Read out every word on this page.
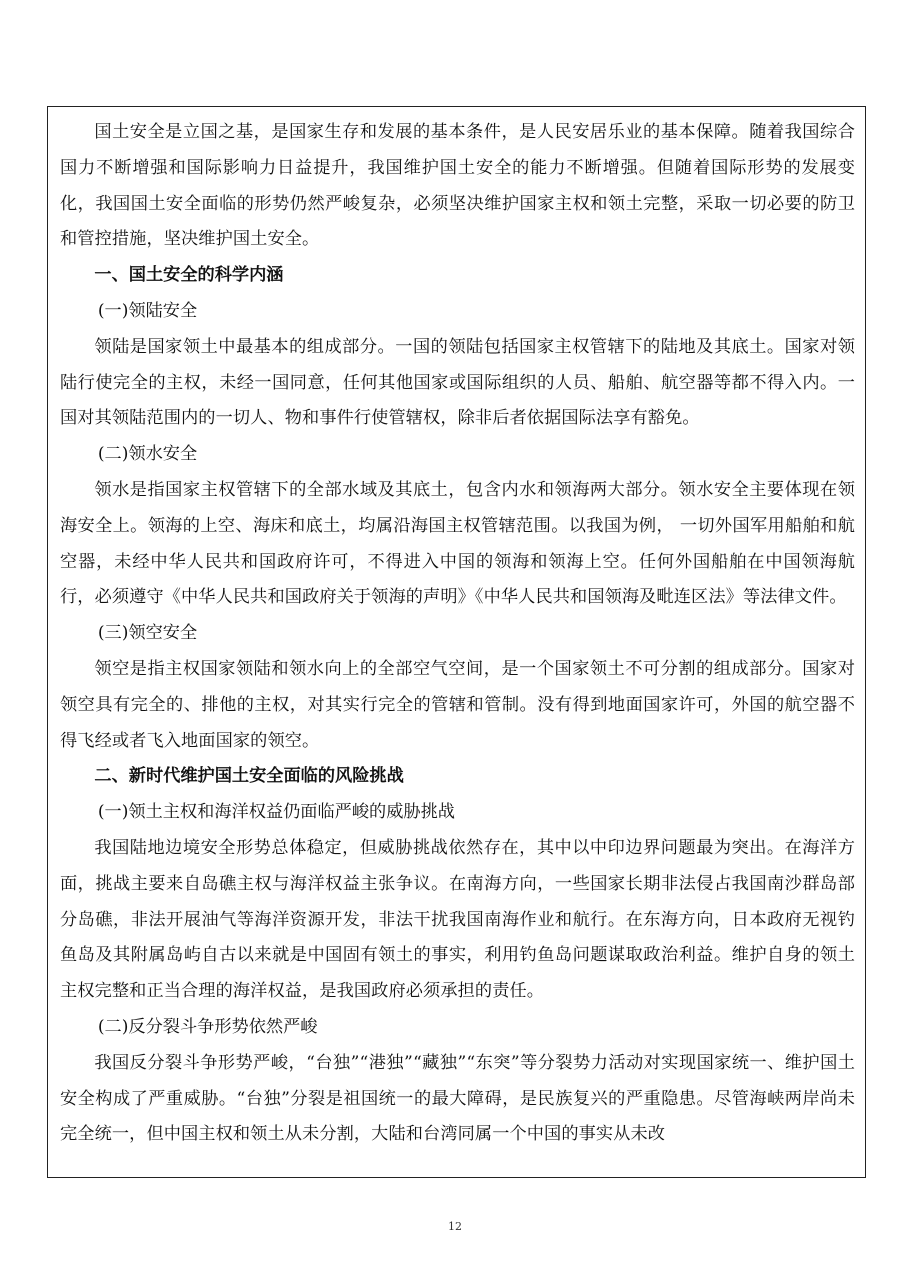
国土安全是立国之基，是国家生存和发展的基本条件，是人民安居乐业的基本保障。随着我国综合国力不断增强和国际影响力日益提升，我国维护国土安全的能力不断增强。但随着国际形势的发展变化，我国国土安全面临的形势仍然严峻复杂，必须坚决维护国家主权和领土完整，采取一切必要的防卫和管控措施，坚决维护国土安全。

一、国土安全的科学内涵

(一)领陆安全

领陆是国家领土中最基本的组成部分。一国的领陆包括国家主权管辖下的陆地及其底土。国家对领陆行使完全的主权，未经一国同意，任何其他国家或国际组织的人员、船舶、航空器等都不得入内。一国对其领陆范围内的一切人、物和事件行使管辖权，除非后者依据国际法享有豁免。

(二)领水安全

领水是指国家主权管辖下的全部水域及其底土，包含内水和领海两大部分。领水安全主要体现在领海安全上。领海的上空、海床和底土，均属沿海国主权管辖范围。以我国为例， 一切外国军用船舶和航空器，未经中华人民共和国政府许可，不得进入中国的领海和领海上空。任何外国船舶在中国领海航行，必须遵守《中华人民共和国政府关于领海的声明》《中华人民共和国领海及毗连区法》等法律文件。

(三)领空安全

领空是指主权国家领陆和领水向上的全部空气空间，是一个国家领土不可分割的组成部分。国家对领空具有完全的、排他的主权，对其实行完全的管辖和管制。没有得到地面国家许可，外国的航空器不得飞经或者飞入地面国家的领空。

二、新时代维护国土安全面临的风险挑战

(一)领土主权和海洋权益仍面临严峻的威胁挑战

我国陆地边境安全形势总体稳定，但威胁挑战依然存在，其中以中印边界问题最为突出。在海洋方面，挑战主要来自岛礁主权与海洋权益主张争议。在南海方向，一些国家长期非法侵占我国南沙群岛部分岛礁，非法开展油气等海洋资源开发，非法干扰我国南海作业和航行。在东海方向，日本政府无视钓鱼岛及其附属岛屿自古以来就是中国固有领土的事实，利用钓鱼岛问题谋取政治利益。维护自身的领土主权完整和正当合理的海洋权益，是我国政府必须承担的责任。

(二)反分裂斗争形势依然严峻

我国反分裂斗争形势严峻，“台独”“港独”“藏独”“东突”等分裂势力活动对实现国家统一、维护国土安全构成了严重威胁。“台独”分裂是祖国统一的最大障碍，是民族复兴的严重隐患。尽管海峡两岸尚未完全统一，但中国主权和领土从未分割，大陆和台湾同属一个中国的事实从未改

12
